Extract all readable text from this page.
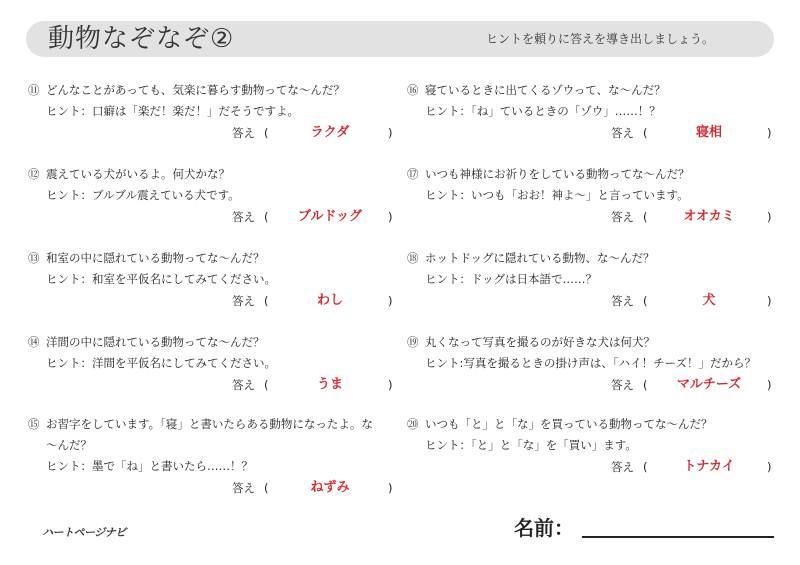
動物なぞなぞ②	ヒントを頼りに答えを導き出しましょう。
⑪ どんなことがあっても、気楽に暮らす動物ってな〜んだ？
ヒント：口癖は「楽だ！楽だ！」だそうですよ。
答え (	ラクダ	)
⑫ 震えている犬がいるよ。何犬かな？
ヒント：ブルブル震えている犬です。
答え (	ブルドッグ	)
⑬ 和室の中に隠れている動物ってな〜んだ？
ヒント：和室を平仮名にしてみてください。
答え (	わし	)
⑭ 洋間の中に隠れている動物ってな〜んだ？
ヒント：洋間を平仮名にしてみてください。
答え (	うま	)
⑮ お習字をしています。「寝」と書いたらある動物になったよ。な
〜んだ？
ヒント：墨で「ね」と書いたら……！？
答え (	ねずみ	)
⑯ 寝ているときに出てくるゾウって、な〜んだ？
ヒント：「ね」ているときの「ゾウ」……！？
答え (	寝相	)
⑰ いつも神様にお祈りをしている動物ってな〜んだ？
ヒント：いつも「おお！神よ〜」と言っています。
答え (	オオカミ	)
⑱ ホットドッグに隠れている動物、な〜んだ？
ヒント：ドッグは日本語で……？
答え (	犬	)
⑲ 丸くなって写真を撮るのが好きな犬は何犬？
ヒント:写真を撮るときの掛け声は、「ハイ！チーズ！」だから？
答え (	マルチーズ	)
⑳ いつも「と」と「な」を買っている動物ってな〜んだ？
ヒント：「と」と「な」を「買い」ます。
答え (	トナカイ	)
ハートページナビ	名前：
